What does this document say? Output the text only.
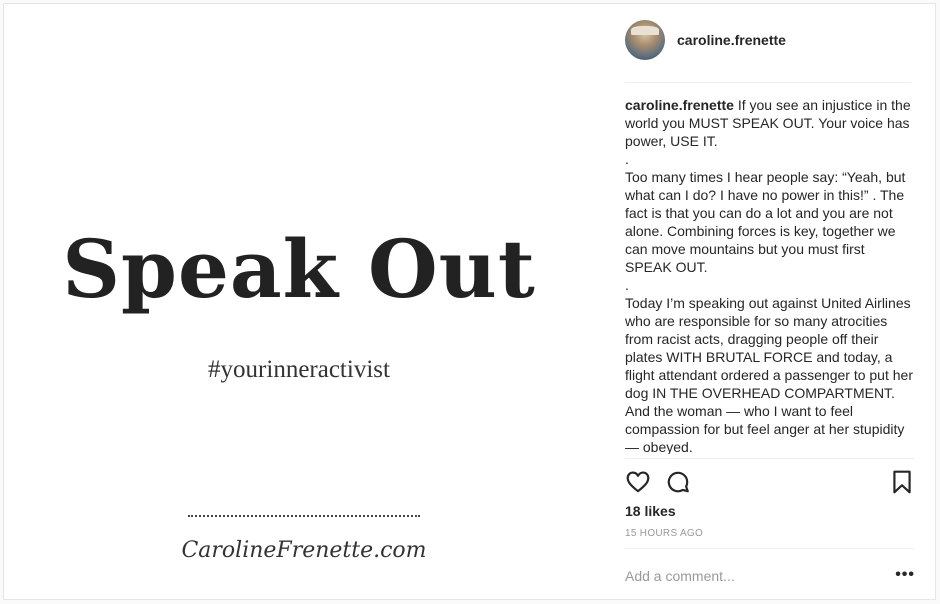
Speak Out
#yourinneractivist
CarolineFrenette.com
caroline.frenette

caroline.frenette If you see an injustice in the world you MUST SPEAK OUT. Your voice has power, USE IT.

.

Too many times I hear people say: “Yeah, but what can I do? I have no power in this!” . The fact is that you can do a lot and you are not alone. Combining forces is key, together we can move mountains but you must first SPEAK OUT.

.

Today I’m speaking out against United Airlines who are responsible for so many atrocities from racist acts, dragging people off their plates WITH BRUTAL FORCE and today, a flight attendant ordered a passenger to put her dog IN THE OVERHEAD COMPARTMENT. And the woman — who I want to feel compassion for but feel anger at her stupidity — obeyed.

18 likes
15 HOURS AGO
Add a comment...
•••
